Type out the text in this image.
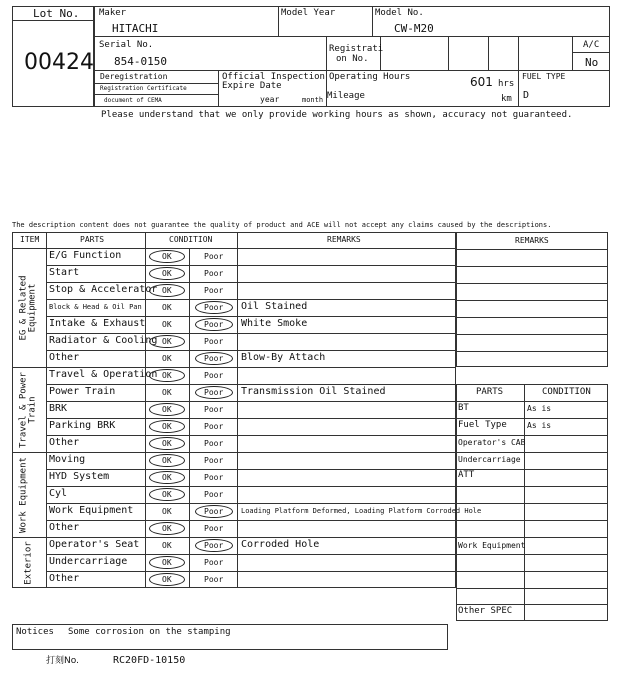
Lot No.
00424
Maker
HITACHI
Model Year	Model No.
CW-M20
Serial No.
854-0150
Registrati
on No.
A/C
No
Deregistration
Registration Certificate
document of CEMA
Official Inspection
Expire Date
year	month
Operating Hours	601 hrs
Mileage	km
FUEL TYPE
D
Please understand that we only provide working hours as shown, accuracy not guaranteed.
The description content does not guarantee the quality of product and ACE will not accept any claims caused by the descriptions.
ITEM	PARTS	CONDITION	REMARKS
E/G Function	OK	Poor
Start	OK	Poor
Stop & Accelerator OK	Poor
Block & Head & Oil Pan	OK	Poor Oil Stained
Intake & Exhaust OK	Poor White Smoke
Radiator & Cooling OK	Poor
Other	OK	Poor Blow-By Attach
EG & Related Equipment
Travel & Operation OK	Poor
Power Train	OK	Poor Transmission Oil Stained
BRK	OK	Poor
Parking BRK	OK	Poor
Other	OK	Poor
Travel & Power Train
Moving	OK	Poor
HYD System	OK	Poor
Cyl	OK	Poor
Work Equipment	OK	Poor	Loading Platform Deformed, Loading Platform Corroded Hole
Other	OK	Poor
Work Equipment
Operator's Seat	OK	Poor Corroded Hole
Undercarriage	OK	Poor
Other	OK	Poor
Exterior
REMARKS
PARTS	CONDITION
BT	As is
Fuel Type	As is
Operator's CAB
Undercarriage
ATT
Work Equipment
Other SPEC
Notices Some corrosion on the stamping
打刻No.	RC20FD-10150
